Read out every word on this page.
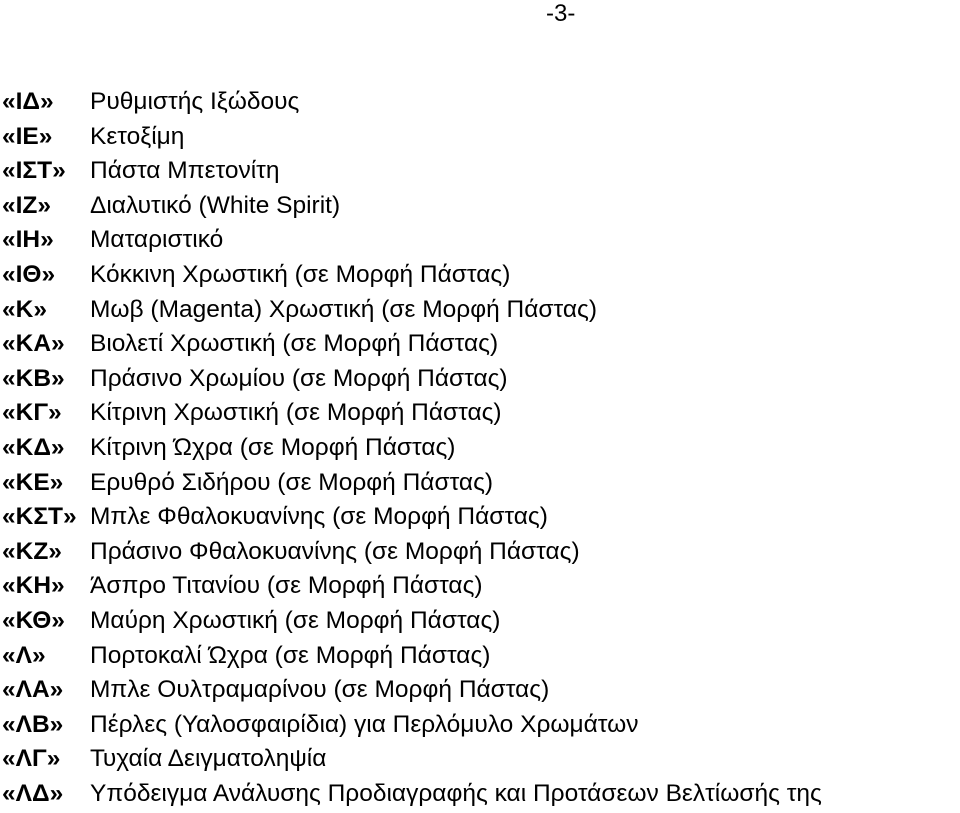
-3-
«ΙΔ» Ρυθμιστής Ιξώδους
«ΙΕ» Κετοξίμη
«ΙΣΤ» Πάστα Μπετονίτη
«ΙΖ» Διαλυτικό (White Spirit)
«ΙΗ» Ματαριστικό
«ΙΘ» Κόκκινη Χρωστική (σε Μορφή Πάστας)
«Κ» Μωβ (Magenta) Χρωστική (σε Μορφή Πάστας)
«ΚΑ» Βιολετί Χρωστική (σε Μορφή Πάστας)
«ΚΒ» Πράσινο Χρωμίου (σε Μορφή Πάστας)
«ΚΓ» Κίτρινη Χρωστική (σε Μορφή Πάστας)
«ΚΔ» Κίτρινη Ώχρα (σε Μορφή Πάστας)
«ΚΕ» Ερυθρό Σιδήρου (σε Μορφή Πάστας)
«ΚΣΤ» Μπλε Φθαλοκυανίνης (σε Μορφή Πάστας)
«ΚΖ» Πράσινο Φθαλοκυανίνης (σε Μορφή Πάστας)
«ΚΗ» Άσπρο Τιτανίου (σε Μορφή Πάστας)
«ΚΘ» Μαύρη Χρωστική (σε Μορφή Πάστας)
«Λ» Πορτοκαλί Ώχρα (σε Μορφή Πάστας)
«ΛΑ» Μπλε Ουλτραμαρίνου (σε Μορφή Πάστας)
«ΛΒ» Πέρλες (Υαλοσφαιρίδια) για Περλόμυλο Χρωμάτων
«ΛΓ» Τυχαία Δειγματοληψία
«ΛΔ» Υπόδειγμα Ανάλυσης Προδιαγραφής και Προτάσεων Βελτίωσής της
